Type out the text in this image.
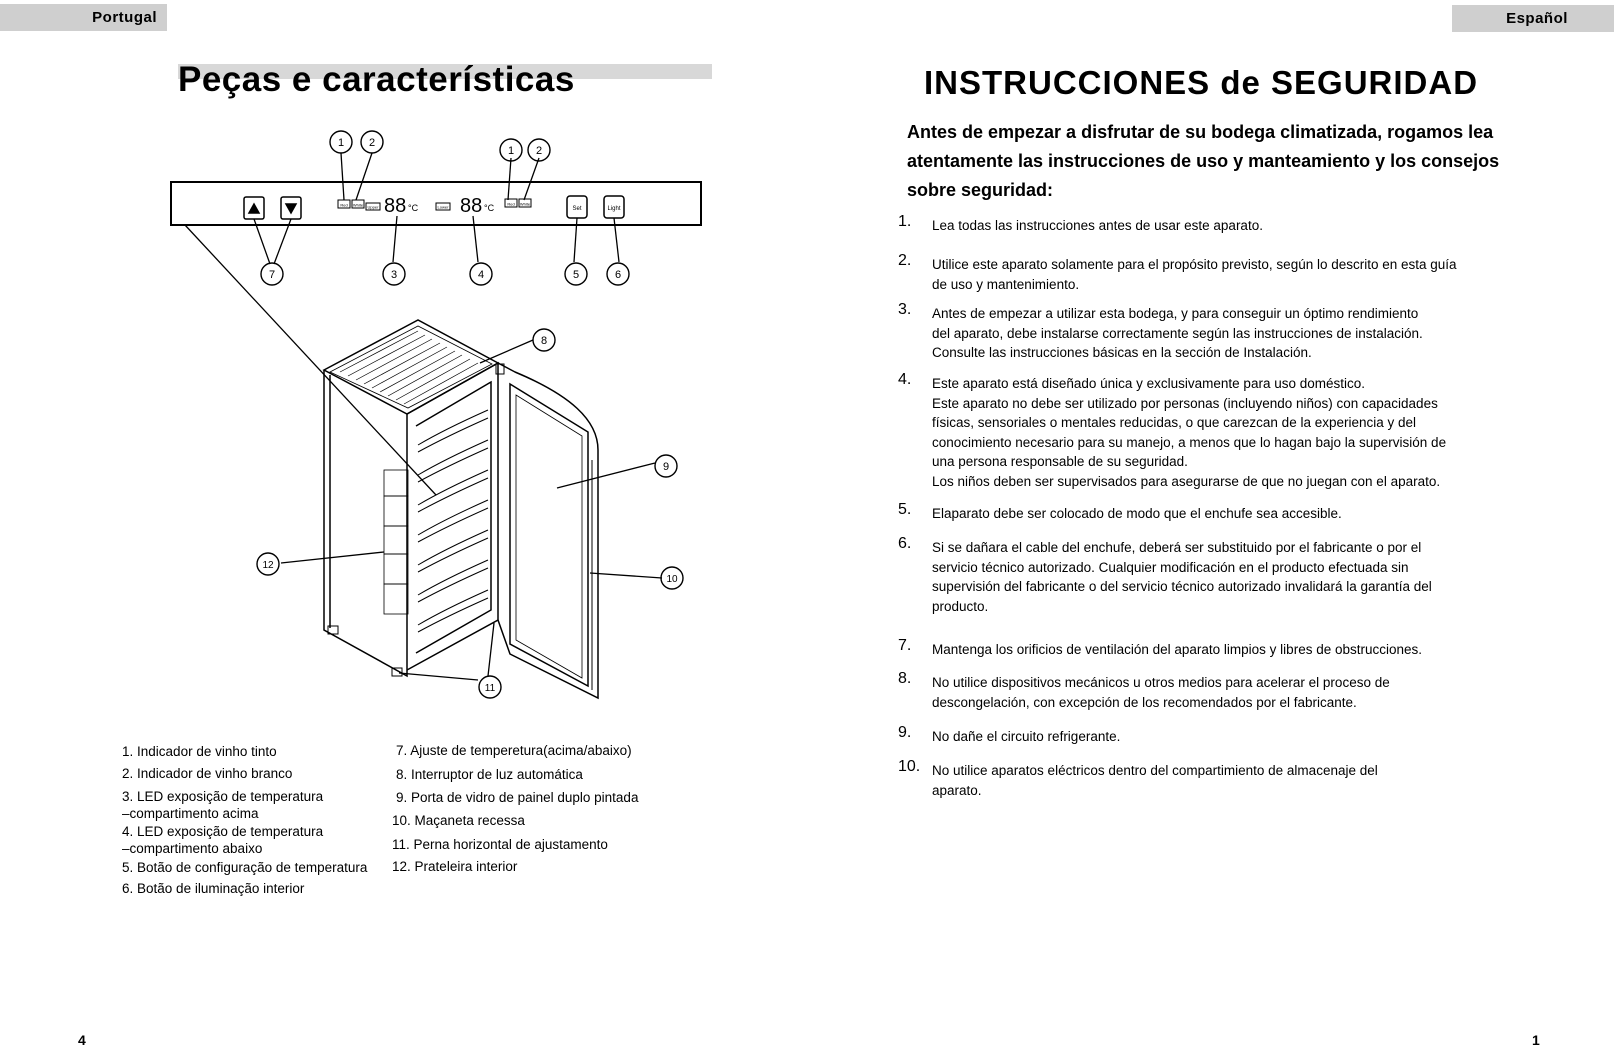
Portugal	Español
Peças e características
Red White Upper 88 °C	Lower 88 °C	Red White
Set	Light
1 2
1 2
3	4	5	6
7
8
9
10
11
12
1. Indicador de vinho tinto
2. Indicador de vinho branco
3. LED exposição de temperatura
–compartimento acima
4. LED exposição de temperatura
–compartimento abaixo
5. Botão de configuração de temperatura
6. Botão de iluminação interior
7. Ajuste de tempereturа(acima/abaixo)
8. Interruptor de luz automática
9. Porta de vidro de painel duplo pintada
10. Maçaneta recessa
11. Perna horizontal de ajustamento
12. Prateleira interior
INSTRUCCIONES de SEGURIDAD
Antes de empezar a disfrutar de su bodega climatizada, rogamos lea atentamente las instrucciones de uso y manteamiento y los consejos sobre seguridad:
1. Lea todas las instrucciones antes de usar este aparato.
2. Utilice este aparato solamente para el propósito previsto, según lo descrito en esta guía
de uso y mantenimiento.
3. Antes de empezar a utilizar esta bodega, y para conseguir un óptimo rendimiento
del aparato, debe instalarse correctamente según las instrucciones de instalación.
Consulte las instrucciones básicas en la sección de Instalación.
4. Este aparato está diseñado única y exclusivamente para uso doméstico.
Este aparato no debe ser utilizado por personas (incluyendo niños) con capacidades
físicas, sensoriales o mentales reducidas, o que carezcan de la experiencia y del
conocimiento necesario para su manejo, a menos que lo hagan bajo la supervisión de
una persona responsable de su seguridad.
Los niños deben ser supervisados para asegurarse de que no juegan con el aparato.
5. Elaparato debe ser colocado de modo que el enchufe sea accesible.
6. Si se dañara el cable del enchufe, deberá ser substituido por el fabricante o por el
servicio técnico autorizado. Cualquier modificación en el producto efectuada sin
supervisión del fabricante o del servicio técnico autorizado invalidará la garantía del
producto.
7. Mantenga los orificios de ventilación del aparato limpios y libres de obstrucciones.
8. No utilice dispositivos mecánicos u otros medios para acelerar el proceso de
descongelación, con excepción de los recomendados por el fabricante.
9. No dañe el circuito refrigerante.
10. No utilice aparatos eléctricos dentro del compartimiento de almacenaje del
aparato.
4	1
